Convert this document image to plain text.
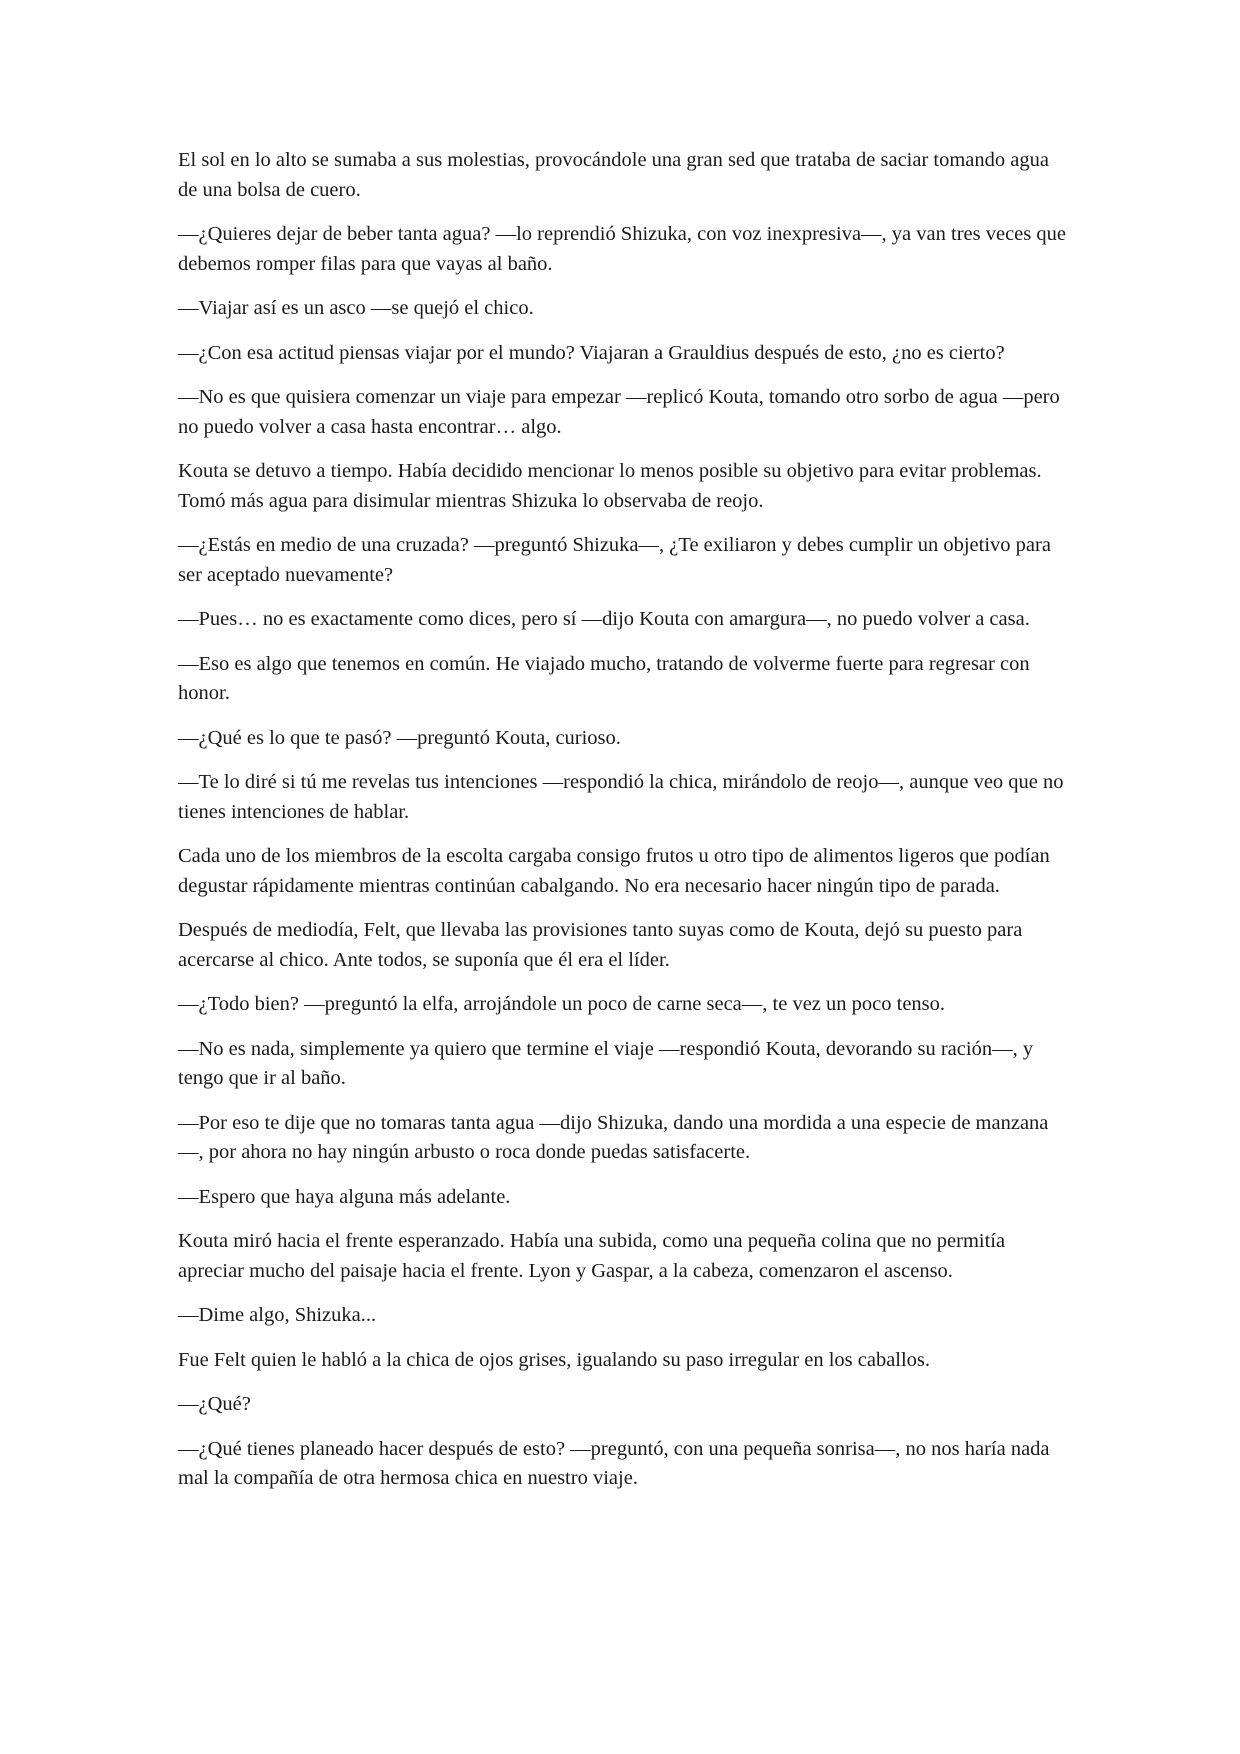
El sol en lo alto se sumaba a sus molestias, provocándole una gran sed que trataba de saciar tomando agua de una bolsa de cuero.

—¿Quieres dejar de beber tanta agua? —lo reprendió Shizuka, con voz inexpresiva—, ya van tres veces que debemos romper filas para que vayas al baño.

—Viajar así es un asco —se quejó el chico.

—¿Con esa actitud piensas viajar por el mundo? Viajaran a Grauldius después de esto, ¿no es cierto?

—No es que quisiera comenzar un viaje para empezar —replicó Kouta, tomando otro sorbo de agua —pero no puedo volver a casa hasta encontrar… algo.

Kouta se detuvo a tiempo. Había decidido mencionar lo menos posible su objetivo para evitar problemas. Tomó más agua para disimular mientras Shizuka lo observaba de reojo.

—¿Estás en medio de una cruzada? —preguntó Shizuka—, ¿Te exiliaron y debes cumplir un objetivo para ser aceptado nuevamente?

—Pues… no es exactamente como dices, pero sí —dijo Kouta con amargura—, no puedo volver a casa.

—Eso es algo que tenemos en común. He viajado mucho, tratando de volverme fuerte para regresar con honor.

—¿Qué es lo que te pasó? —preguntó Kouta, curioso.

—Te lo diré si tú me revelas tus intenciones —respondió la chica, mirándolo de reojo—, aunque veo que no tienes intenciones de hablar.

Cada uno de los miembros de la escolta cargaba consigo frutos u otro tipo de alimentos ligeros que podían degustar rápidamente mientras continúan cabalgando. No era necesario hacer ningún tipo de parada.

Después de mediodía, Felt, que llevaba las provisiones tanto suyas como de Kouta, dejó su puesto para acercarse al chico. Ante todos, se suponía que él era el líder.

—¿Todo bien? —preguntó la elfa, arrojándole un poco de carne seca—, te vez un poco tenso.

—No es nada, simplemente ya quiero que termine el viaje —respondió Kouta, devorando su ración—, y tengo que ir al baño.

—Por eso te dije que no tomaras tanta agua —dijo Shizuka, dando una mordida a una especie de manzana—, por ahora no hay ningún arbusto o roca donde puedas satisfacerte.

—Espero que haya alguna más adelante.

Kouta miró hacia el frente esperanzado. Había una subida, como una pequeña colina que no permitía apreciar mucho del paisaje hacia el frente. Lyon y Gaspar, a la cabeza, comenzaron el ascenso.

—Dime algo, Shizuka...

Fue Felt quien le habló a la chica de ojos grises, igualando su paso irregular en los caballos.

—¿Qué?

—¿Qué tienes planeado hacer después de esto? —preguntó, con una pequeña sonrisa—, no nos haría nada mal la compañía de otra hermosa chica en nuestro viaje.
